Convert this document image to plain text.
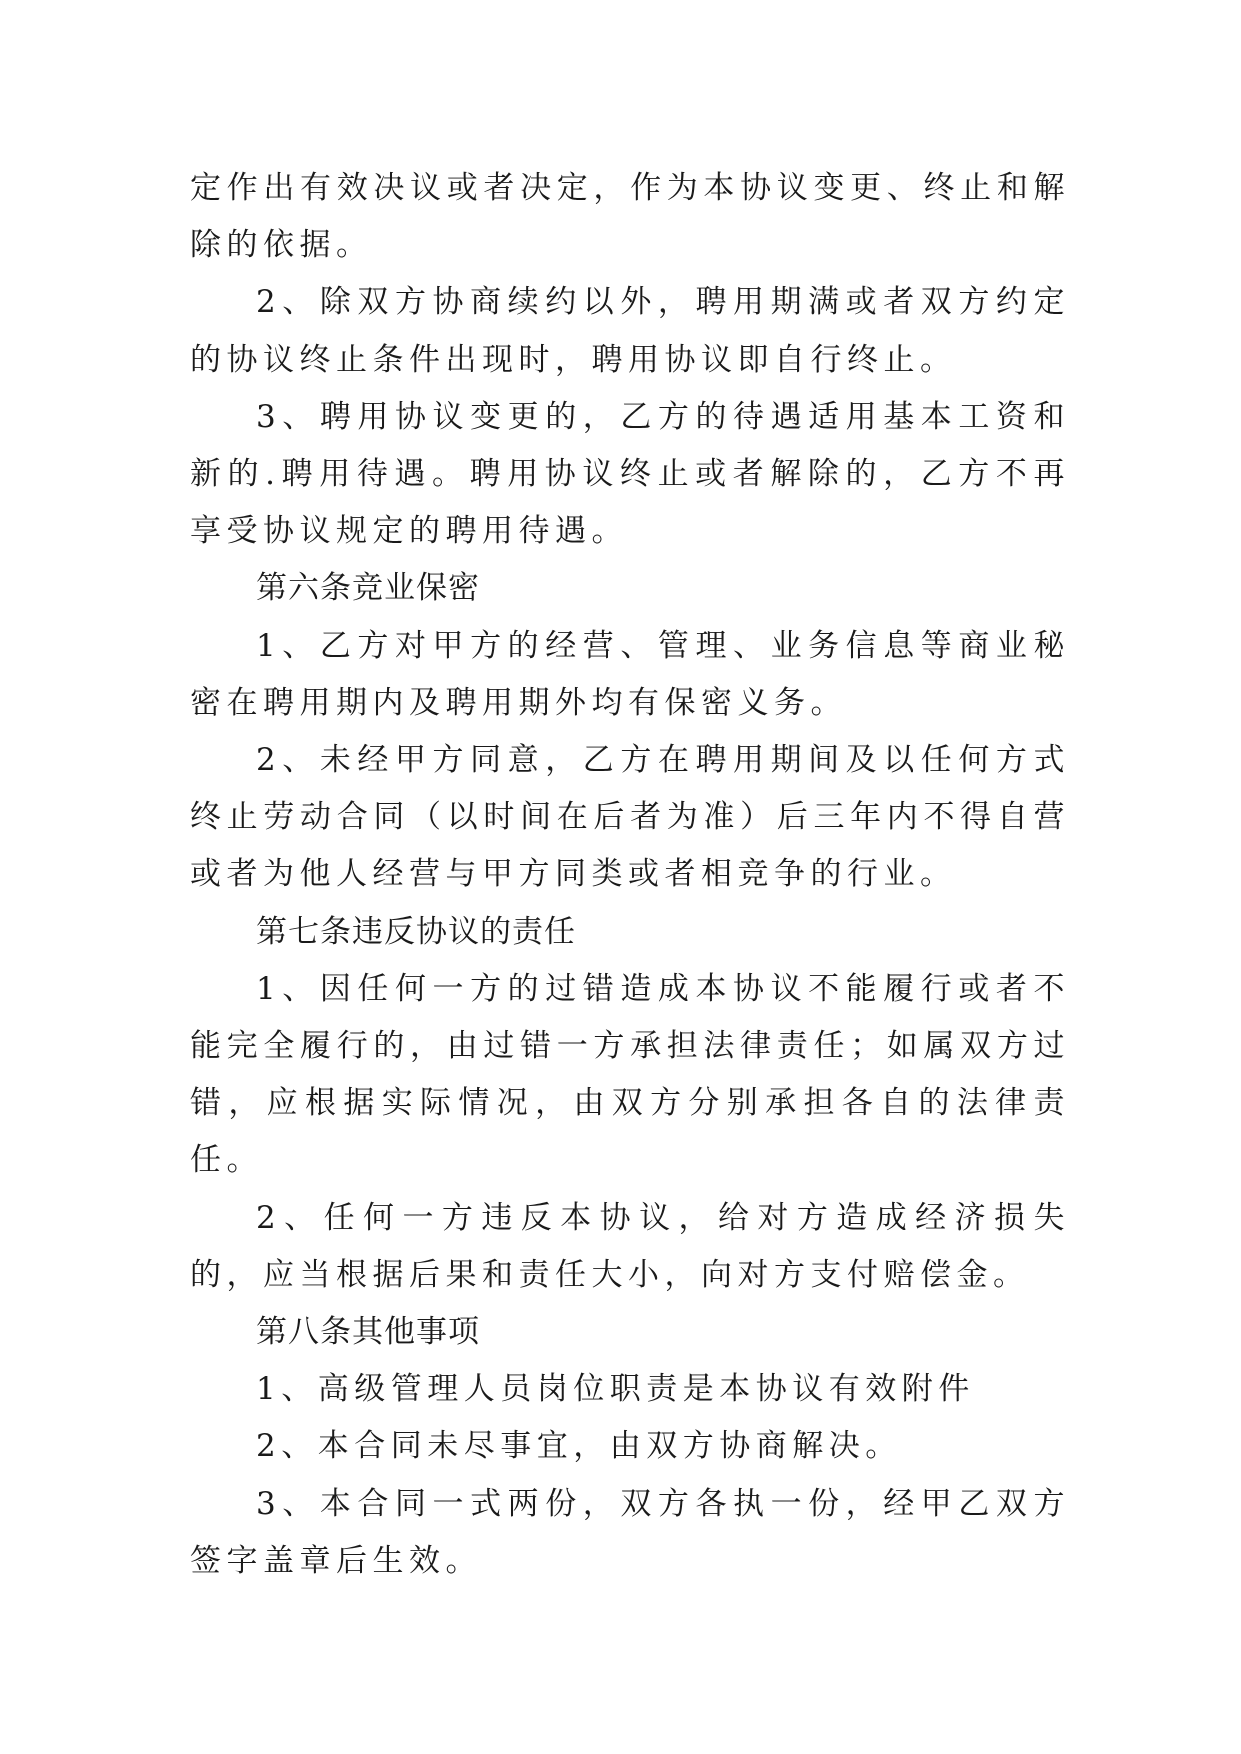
定作出有效决议或者决定，作为本协议变更、终止和解除的依据。

2、除双方协商续约以外，聘用期满或者双方约定的协议终止条件出现时，聘用协议即自行终止。

3、聘用协议变更的，乙方的待遇适用基本工资和新的.聘用待遇。聘用协议终止或者解除的，乙方不再享受协议规定的聘用待遇。

第六条竞业保密

1、乙方对甲方的经营、管理、业务信息等商业秘密在聘用期内及聘用期外均有保密义务。

2、未经甲方同意，乙方在聘用期间及以任何方式终止劳动合同（以时间在后者为准）后三年内不得自营或者为他人经营与甲方同类或者相竞争的行业。

第七条违反协议的责任

1、因任何一方的过错造成本协议不能履行或者不能完全履行的，由过错一方承担法律责任；如属双方过错，应根据实际情况，由双方分别承担各自的法律责任。

2、任何一方违反本协议，给对方造成经济损失的，应当根据后果和责任大小，向对方支付赔偿金。

第八条其他事项

1、高级管理人员岗位职责是本协议有效附件

2、本合同未尽事宜，由双方协商解决。

3、本合同一式两份，双方各执一份，经甲乙双方签字盖章后生效。
